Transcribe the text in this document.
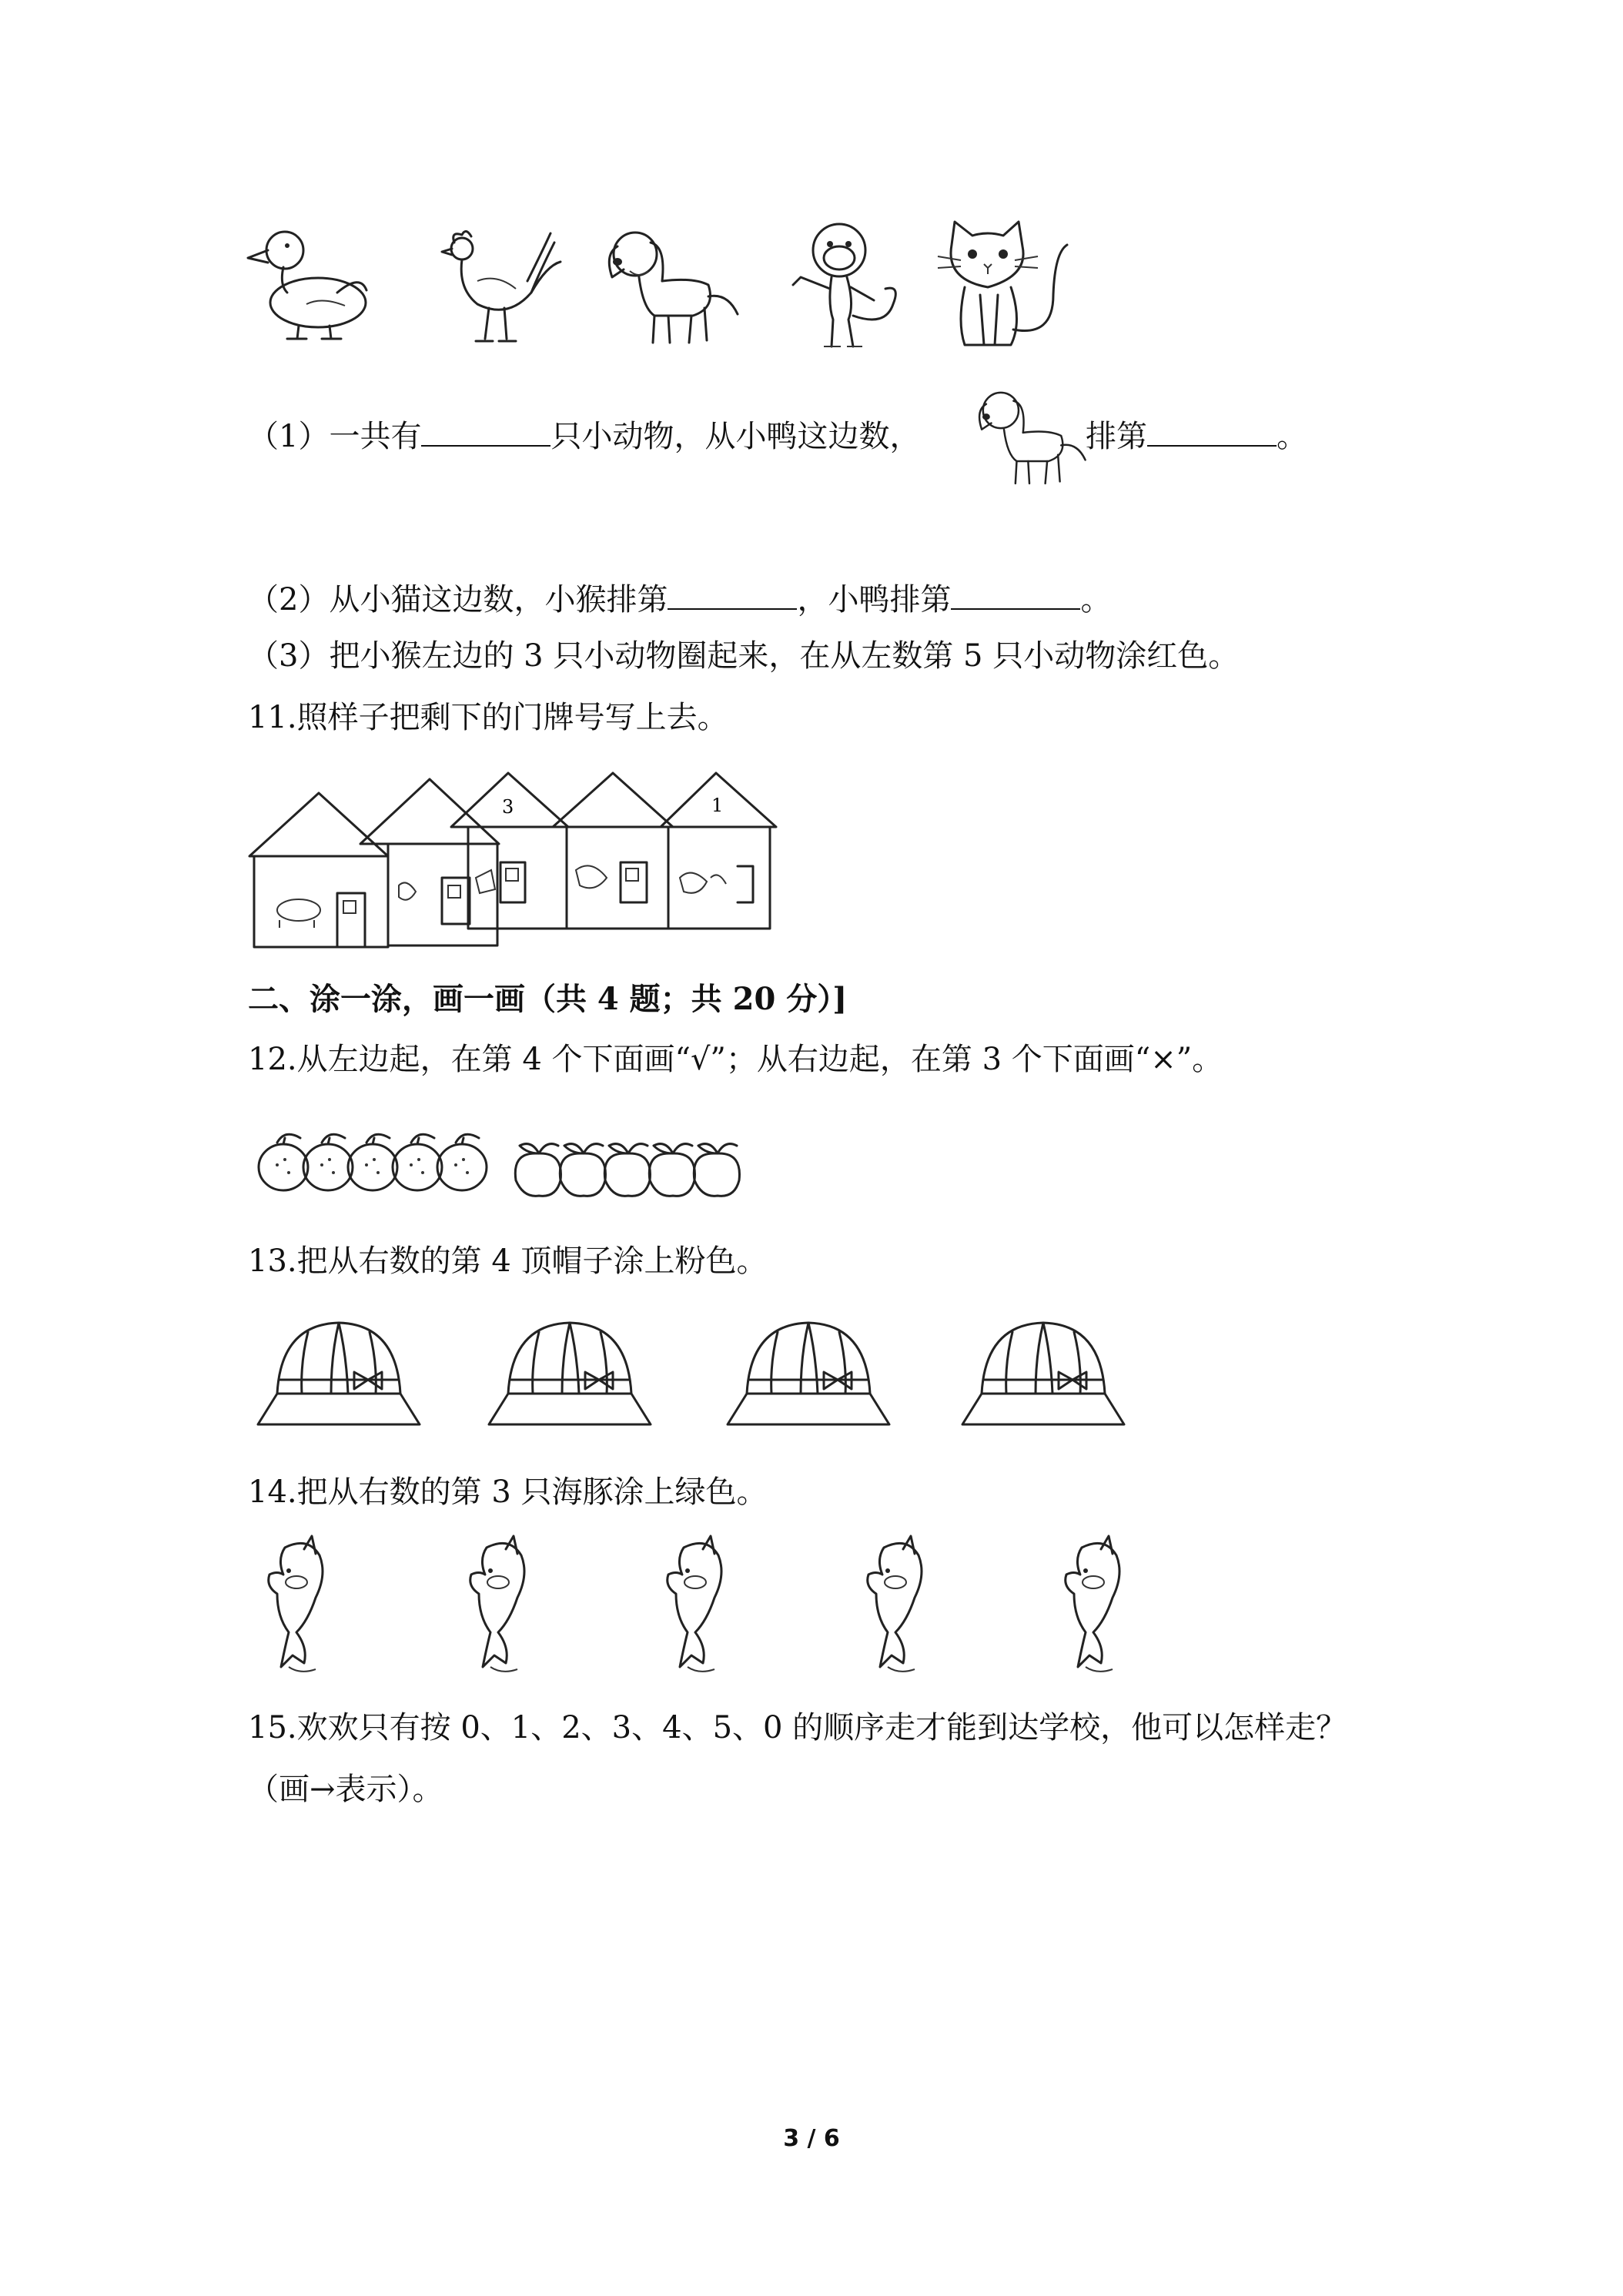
（1）一共有	只小动物，从小鸭这边数，	排第	。
（2）从小猫这边数，小猴排第	，小鸭排第	。
（3）把小猴左边的 3 只小动物圈起来，在从左数第 5 只小动物涂红色。
11.照样子把剩下的门牌号写上去。
3	1
二、涂一涂，画一画（共 4 题；共 20 分）]
12.从左边起，在第 4 个下面画“√”；从右边起，在第 3 个下面画“×”。
13.把从右数的第 4 顶帽子涂上粉色。
14.把从右数的第 3 只海豚涂上绿色。
15.欢欢只有按 0、1、2、3、4、5、0 的顺序走才能到达学校，他可以怎样走？
（画→表示）。
3 / 6
